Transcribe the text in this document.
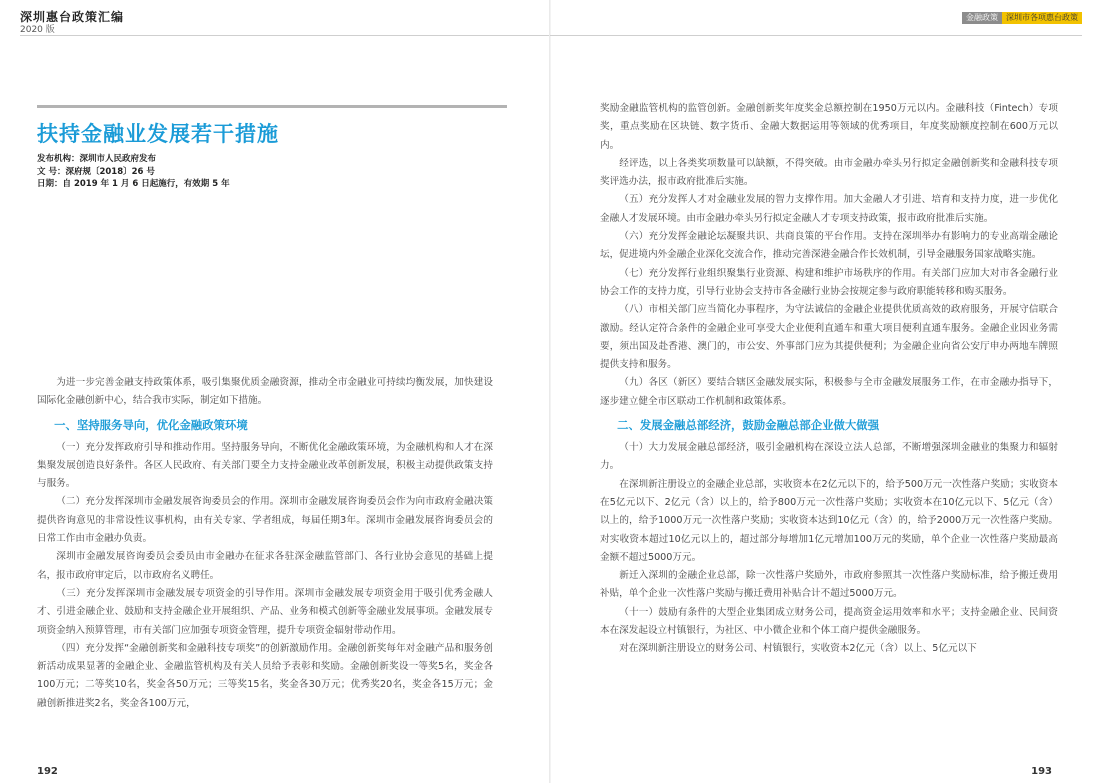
深圳惠台政策汇编
2020 版
扶持金融业发展若干措施
发布机构：深圳市人民政府发布
文 号：深府规〔2018〕26 号
日期：自 2019 年 1 月 6 日起施行，有效期 5 年

为进一步完善金融支持政策体系，吸引集聚优质金融资源，推动全市金融业可持续均衡发展，加快建设国际化金融创新中心，结合我市实际，制定如下措施。

一、坚持服务导向，优化金融政策环境

（一）充分发挥政府引导和推动作用。坚持服务导向，不断优化金融政策环境，为金融机构和人才在深集聚发展创造良好条件。各区人民政府、有关部门要全力支持金融业改革创新发展，积极主动提供政策支持与服务。

（二）充分发挥深圳市金融发展咨询委员会的作用。深圳市金融发展咨询委员会作为向市政府金融决策提供咨询意见的非常设性议事机构，由有关专家、学者组成，每届任期3年。深圳市金融发展咨询委员会的日常工作由市金融办负责。

深圳市金融发展咨询委员会委员由市金融办在征求各驻深金融监管部门、各行业协会意见的基础上提名，报市政府审定后，以市政府名义聘任。

（三）充分发挥深圳市金融发展专项资金的引导作用。深圳市金融发展专项资金用于吸引优秀金融人才、引进金融企业、鼓励和支持金融企业开展组织、产品、业务和模式创新等金融业发展事项。金融发展专项资金纳入预算管理，市有关部门应加强专项资金管理，提升专项资金辐射带动作用。

（四）充分发挥“金融创新奖和金融科技专项奖”的创新激励作用。金融创新奖每年对金融产品和服务创新活动成果显著的金融企业、金融监管机构及有关人员给予表彰和奖励。金融创新奖设一等奖5名，奖金各100万元；二等奖10名，奖金各50万元；三等奖15名，奖金各30万元；优秀奖20名，奖金各15万元；金融创新推进奖2名，奖金各100万元，

192
金融政策	深圳市各项惠台政策

奖励金融监管机构的监管创新。金融创新奖年度奖金总额控制在1950万元以内。金融科技（Fintech）专项奖，重点奖励在区块链、数字货币、金融大数据运用等领域的优秀项目，年度奖励额度控制在600万元以内。

经评选，以上各类奖项数量可以缺额，不得突破。由市金融办牵头另行拟定金融创新奖和金融科技专项奖评选办法，报市政府批准后实施。

（五）充分发挥人才对金融业发展的智力支撑作用。加大金融人才引进、培育和支持力度，进一步优化金融人才发展环境。由市金融办牵头另行拟定金融人才专项支持政策，报市政府批准后实施。

（六）充分发挥金融论坛凝聚共识、共商良策的平台作用。支持在深圳举办有影响力的专业高端金融论坛，促进境内外金融企业深化交流合作，推动完善深港金融合作长效机制，引导金融服务国家战略实施。

（七）充分发挥行业组织聚集行业资源、构建和维护市场秩序的作用。有关部门应加大对市各金融行业协会工作的支持力度，引导行业协会支持市各金融行业协会按规定参与政府职能转移和购买服务。

（八）市相关部门应当简化办事程序，为守法诚信的金融企业提供优质高效的政府服务，开展守信联合激励。经认定符合条件的金融企业可享受大企业便利直通车和重大项目便利直通车服务。金融企业因业务需要，须出国及赴香港、澳门的，市公安、外事部门应为其提供便利；为金融企业向省公安厅申办两地车牌照提供支持和服务。

（九）各区（新区）要结合辖区金融发展实际，积极参与全市金融发展服务工作，在市金融办指导下，逐步建立健全市区联动工作机制和政策体系。

二、发展金融总部经济，鼓励金融总部企业做大做强

（十）大力发展金融总部经济，吸引金融机构在深设立法人总部，不断增强深圳金融业的集聚力和辐射力。

在深圳新注册设立的金融企业总部，实收资本在2亿元以下的，给予500万元一次性落户奖励；实收资本在5亿元以下、2亿元（含）以上的，给予800万元一次性落户奖励；实收资本在10亿元以下、5亿元（含）以上的，给予1000万元一次性落户奖励；实收资本达到10亿元（含）的，给予2000万元一次性落户奖励。对实收资本超过10亿元以上的，超过部分每增加1亿元增加100万元的奖励，单个企业一次性落户奖励最高金额不超过5000万元。

新迁入深圳的金融企业总部，除一次性落户奖励外，市政府参照其一次性落户奖励标准，给予搬迁费用补贴，单个企业一次性落户奖励与搬迁费用补贴合计不超过5000万元。

（十一）鼓励有条件的大型企业集团成立财务公司，提高资金运用效率和水平；支持金融企业、民间资本在深发起设立村镇银行，为社区、中小微企业和个体工商户提供金融服务。

对在深圳新注册设立的财务公司、村镇银行，实收资本2亿元（含）以上、5亿元以下

193
